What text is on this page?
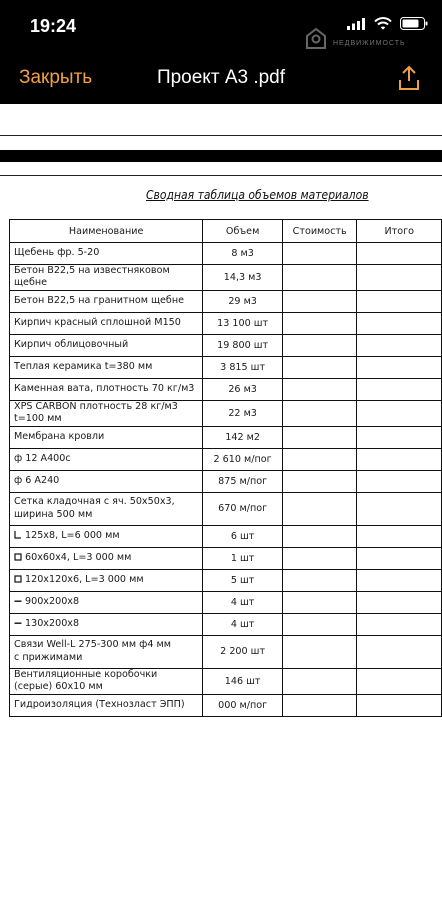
19:24
НЕДВИЖИМОСТЬ
Закрыть	Проект А3 .pdf
Сводная таблица объемов материалов
Наименование	Объем	Стоимость	Итого

Щебень фр. 5-20	8 м3		

Бетон В22,5 на известняковом щебне	14,3 м3		

Бетон В22,5 на гранитном щебне	29 м3		

Кирпич красный сплошной М150	13 100 шт		

Кирпич облицовочный	19 800 шт		

Теплая керамика t=380 мм	3 815 шт		

Каменная вата, плотность 70 кг/м3	26 м3		

XPS CARBON плотность 28 кг/м3 t=100 мм	22 м3		

Мембрана кровли	142 м2		

ф 12 А400с	2 610 м/пог		

ф 6 А240	875 м/пог		

Сетка кладочная с яч. 50х50х3,
ширина 500 мм	670 м/пог		

125х8, L=6 000 мм	6 шт		

60х60х4, L=3 000 мм	1 шт		

120х120х6, L=3 000 мм	5 шт		

900х200х8	4 шт		

130х200х8	4 шт		

Связи Well-L 275-300 мм ф4 мм
с прижимами	2 200 шт		

Вентиляционные коробочки (серые) 60х10 мм	146 шт		

Гидроизоляция (Технозласт ЭПП)	000 м/пог		
